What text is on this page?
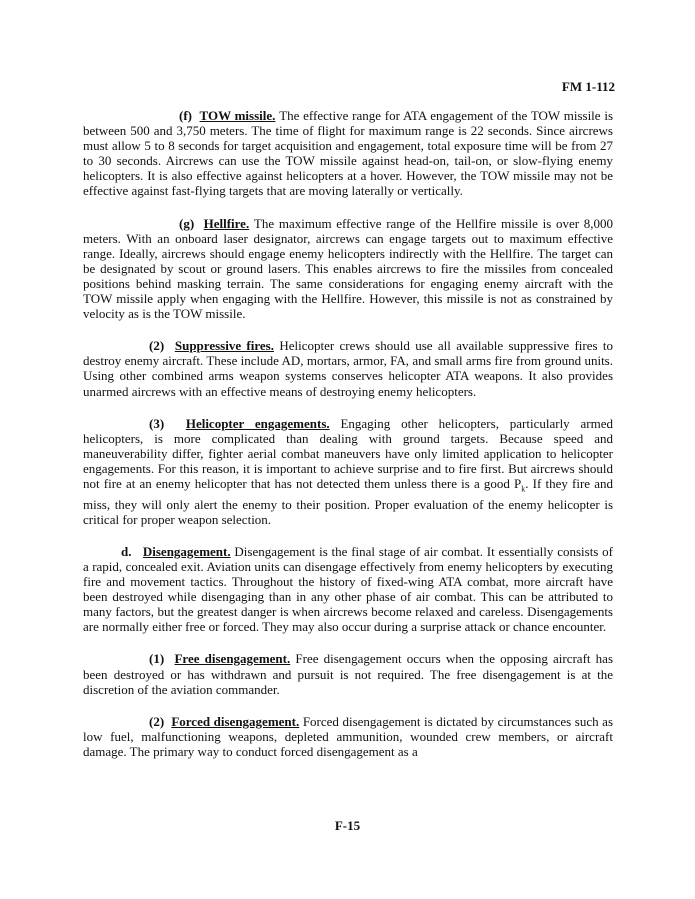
FM 1-112

(f) TOW missile. The effective range for ATA engagement of the TOW missile is between 500 and 3,750 meters. The time of flight for maximum range is 22 seconds. Since aircrews must allow 5 to 8 seconds for target acquisition and engagement, total exposure time will be from 27 to 30 seconds. Aircrews can use the TOW missile against head-on, tail-on, or slow-flying enemy helicopters. It is also effective against helicopters at a hover. However, the TOW missile may not be effective against fast-flying targets that are moving laterally or vertically.

(g) Hellfire. The maximum effective range of the Hellfire missile is over 8,000 meters. With an onboard laser designator, aircrews can engage targets out to maximum effective range. Ideally, aircrews should engage enemy helicopters indirectly with the Hellfire. The target can be designated by scout or ground lasers. This enables aircrews to fire the missiles from concealed positions behind masking terrain. The same considerations for engaging enemy aircraft with the TOW missile apply when engaging with the Hellfire. However, this missile is not as constrained by velocity as is the TOW missile.

(2) Suppressive fires. Helicopter crews should use all available suppressive fires to destroy enemy aircraft. These include AD, mortars, armor, FA, and small arms fire from ground units. Using other combined arms weapon systems conserves helicopter ATA weapons. It also provides unarmed aircrews with an effective means of destroying enemy helicopters.

(3) Helicopter engagements. Engaging other helicopters, particularly armed helicopters, is more complicated than dealing with ground targets. Because speed and maneuverability differ, fighter aerial combat maneuvers have only limited application to helicopter engagements. For this reason, it is important to achieve surprise and to fire first. But aircrews should not fire at an enemy helicopter that has not detected them unless there is a good $P_k$. If they fire and miss, they will only alert the enemy to their position. Proper evaluation of the enemy helicopter is critical for proper weapon selection.

d. Disengagement. Disengagement is the final stage of air combat. It essentially consists of a rapid, concealed exit. Aviation units can disengage effectively from enemy helicopters by executing fire and movement tactics. Throughout the history of fixed-wing ATA combat, more aircraft have been destroyed while disengaging than in any other phase of air combat. This can be attributed to many factors, but the greatest danger is when aircrews become relaxed and careless. Disengagements are normally either free or forced. They may also occur during a surprise attack or chance encounter.

(1) Free disengagement. Free disengagement occurs when the opposing aircraft has been destroyed or has withdrawn and pursuit is not required. The free disengagement is at the discretion of the aviation commander.

(2) Forced disengagement. Forced disengagement is dictated by circumstances such as low fuel, malfunctioning weapons, depleted ammunition, wounded crew members, or aircraft damage. The primary way to conduct forced disengagement as a

F-15
